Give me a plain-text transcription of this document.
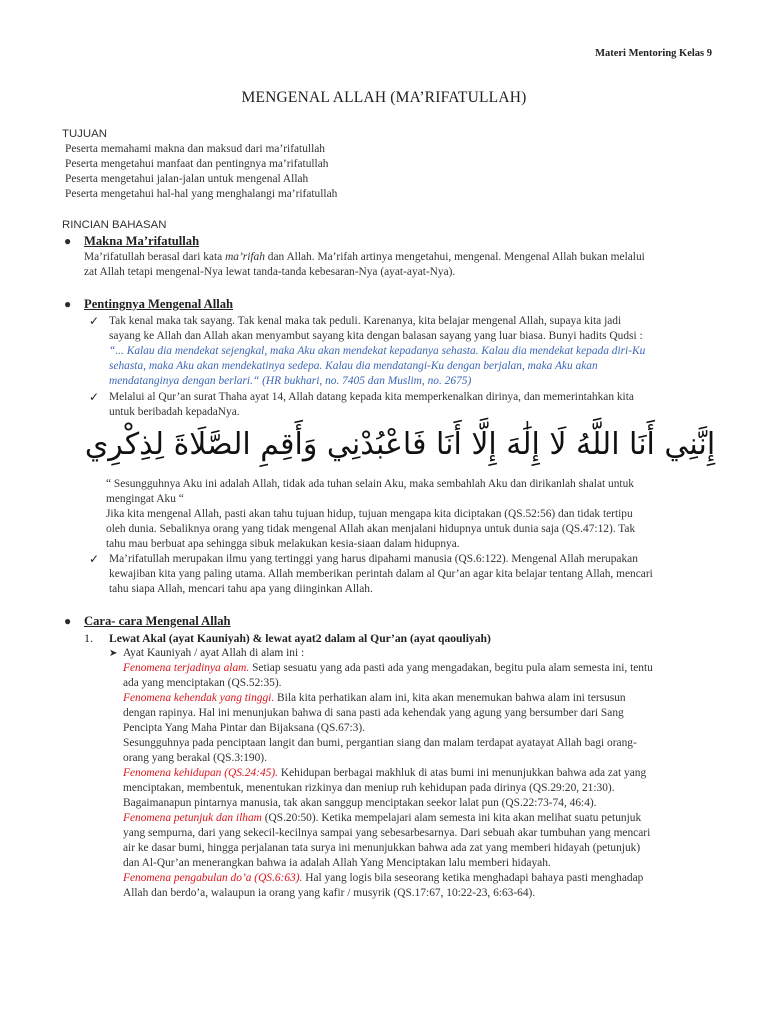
Materi Mentoring Kelas 9
MENGENAL ALLAH (MA’RIFATULLAH)
TUJUAN
Peserta memahami makna dan maksud dari ma’rifatullah
Peserta mengetahui manfaat dan pentingnya ma’rifatullah
Peserta mengetahui jalan-jalan untuk mengenal Allah
Peserta mengetahui hal-hal yang menghalangi ma’rifatullah
RINCIAN BAHASAN
●	Makna Ma’rifatullah
Ma’rifatullah berasal dari kata ma’rifah dan Allah. Ma’rifah artinya mengetahui, mengenal. Mengenal Allah bukan melalui
zat Allah tetapi mengenal-Nya lewat tanda-tanda kebesaran-Nya (ayat-ayat-Nya).
●	Pentingnya Mengenal Allah
✓ Tak kenal maka tak sayang. Tak kenal maka tak peduli. Karenanya, kita belajar mengenal Allah, supaya kita jadi
sayang ke Allah dan Allah akan menyambut sayang kita dengan balasan sayang yang luar biasa. Bunyi hadits Qudsi :
“... Kalau dia mendekat sejengkal, maka Aku akan mendekat kepadanya sehasta. Kalau dia mendekat kepada diri-Ku
sehasta, maka Aku akan mendekatinya sedepa. Kalau dia mendatangi-Ku dengan berjalan, maka Aku akan
mendatanginya dengan berlari.“ (HR bukhari, no. 7405 dan Muslim, no. 2675)
✓ Melalui al Qur’an surat Thaha ayat 14, Allah datang kepada kita memperkenalkan dirinya, dan memerintahkan kita
untuk beribadah kepadaNya.
إِنَّنِي أَنَا اللَّهُ لَا إِلَٰهَ إِلَّا أَنَا فَاعْبُدْنِي وَأَقِمِ الصَّلَاةَ لِذِكْرِي
“ Sesungguhnya Aku ini adalah Allah, tidak ada tuhan selain Aku, maka sembahlah Aku dan dirikanlah shalat untuk
mengingat Aku “
Jika kita mengenal Allah, pasti akan tahu tujuan hidup, tujuan mengapa kita diciptakan (QS.52:56) dan tidak tertipu
oleh dunia. Sebaliknya orang yang tidak mengenal Allah akan menjalani hidupnya untuk dunia saja (QS.47:12). Tak
tahu mau berbuat apa sehingga sibuk melakukan kesia-siaan dalam hidupnya.
✓ Ma’rifatullah merupakan ilmu yang tertinggi yang harus dipahami manusia (QS.6:122). Mengenal Allah merupakan
kewajiban kita yang paling utama. Allah memberikan perintah dalam al Qur’an agar kita belajar tentang Allah, mencari
tahu siapa Allah, mencari tahu apa yang diinginkan Allah.
●	Cara- cara Mengenal Allah
1.	Lewat Akal (ayat Kauniyah) & lewat ayat2 dalam al Qur’an (ayat qaouliyah)
➤ Ayat Kauniyah / ayat Allah di alam ini :
Fenomena terjadinya alam. Setiap sesuatu yang ada pasti ada yang mengadakan, begitu pula alam semesta ini, tentu
ada yang menciptakan (QS.52:35).
Fenomena kehendak yang tinggi. Bila kita perhatikan alam ini, kita akan menemukan bahwa alam ini tersusun
dengan rapinya. Hal ini menunjukan bahwa di sana pasti ada kehendak yang agung yang bersumber dari Sang
Pencipta Yang Maha Pintar dan Bijaksana (QS.67:3).
Sesungguhnya pada penciptaan langit dan bumi, pergantian siang dan malam terdapat ayatayat Allah bagi orang-
orang yang berakal (QS.3:190).
Fenomena kehidupan (QS.24:45). Kehidupan berbagai makhluk di atas bumi ini menunjukkan bahwa ada zat yang
menciptakan, membentuk, menentukan rizkinya dan meniup ruh kehidupan pada dirinya (QS.29:20, 21:30).
Bagaimanapun pintarnya manusia, tak akan sanggup menciptakan seekor lalat pun (QS.22:73-74, 46:4).
Fenomena petunjuk dan ilham (QS.20:50). Ketika mempelajari alam semesta ini kita akan melihat suatu petunjuk
yang sempurna, dari yang sekecil-kecilnya sampai yang sebesarbesarnya. Dari sebuah akar tumbuhan yang mencari
air ke dasar bumi, hingga perjalanan tata surya ini menunjukkan bahwa ada zat yang memberi hidayah (petunjuk)
dan Al-Qur’an menerangkan bahwa ia adalah Allah Yang Menciptakan lalu memberi hidayah.
Fenomena pengabulan do’a (QS.6:63). Hal yang logis bila seseorang ketika menghadapi bahaya pasti menghadap
Allah dan berdo’a, walaupun ia orang yang kafir / musyrik (QS.17:67, 10:22-23, 6:63-64).
